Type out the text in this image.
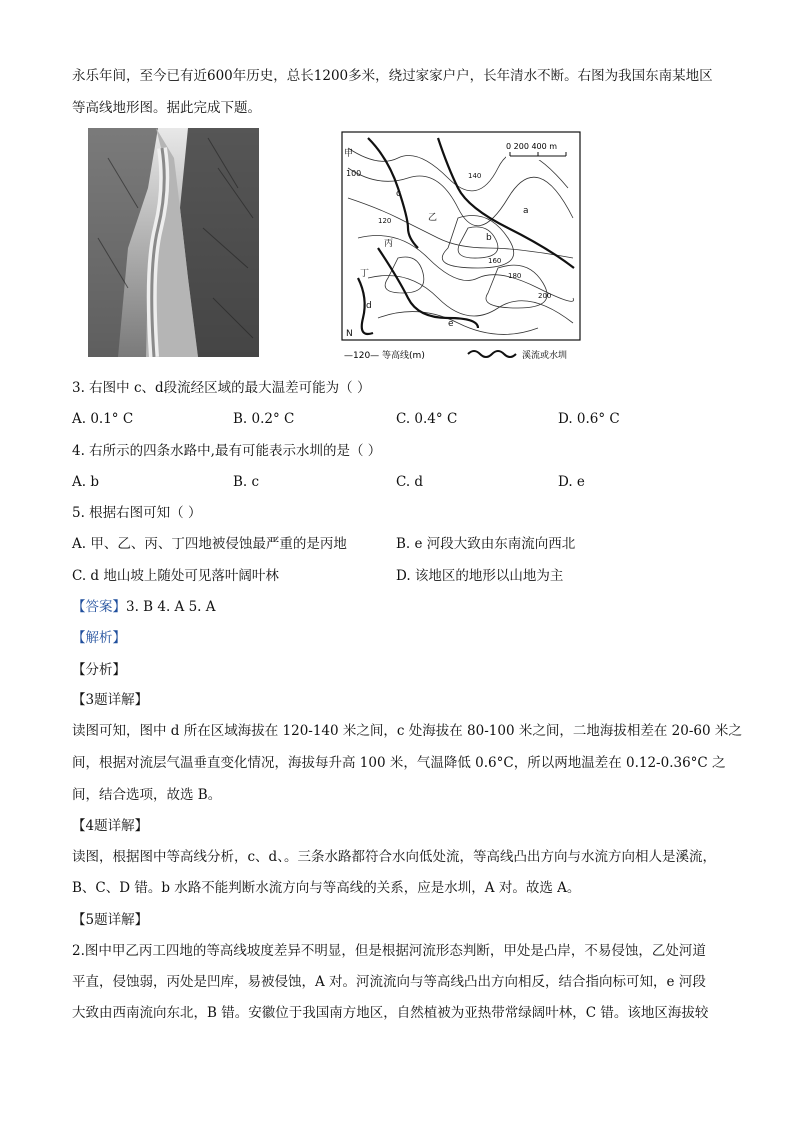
永乐年间，至今已有近600年历史，总长1200多米，绕过家家户户，长年清水不断。右图为我国东南某地区
等高线地形图。据此完成下题。
0 200 400 m
甲
100
乙
丙
丁
a
b
c
d
e
N
120
140
160
180
200
—120— 等高线(m)	溪流或水圳
3. 右图中 c、d段流经区域的最大温差可能为（ ）
A. 0.1° C	B. 0.2° C	C. 0.4° C	D. 0.6° C
4. 右所示的四条水路中,最有可能表示水圳的是（ ）
A. b	B. c	C. d	D. e
5. 根据右图可知（ ）
A. 甲、乙、丙、丁四地被侵蚀最严重的是丙地	B. e 河段大致由东南流向西北
C. d 地山坡上随处可见落叶阔叶林	D. 该地区的地形以山地为主
【答案】3. B 4. A 5. A
【解析】
【分析】
【3题详解】
读图可知，图中 d 所在区域海拔在 120-140 米之间，c 处海拔在 80-100 米之间，二地海拔相差在 20-60 米之
间，根据对流层气温垂直变化情况，海拔每升高 100 米，气温降低 0.6°C，所以两地温差在 0.12-0.36°C 之
间，结合选项，故选 B。
【4题详解】
读图，根据图中等高线分析，c、d、。三条水路都符合水向低处流，等高线凸出方向与水流方向相人是溪流，
B、C、D 错。b 水路不能判断水流方向与等高线的关系，应是水圳，A 对。故选 A。
【5题详解】
2.图中甲乙丙工四地的等高线坡度差异不明显，但是根据河流形态判断，甲处是凸岸，不易侵蚀，乙处河道
平直，侵蚀弱，丙处是凹库，易被侵蚀，A 对。河流流向与等高线凸出方向相反，结合指向标可知，e 河段
大致由西南流向东北，B 错。安徽位于我国南方地区，自然植被为亚热带常绿阔叶林，C 错。该地区海拔较
